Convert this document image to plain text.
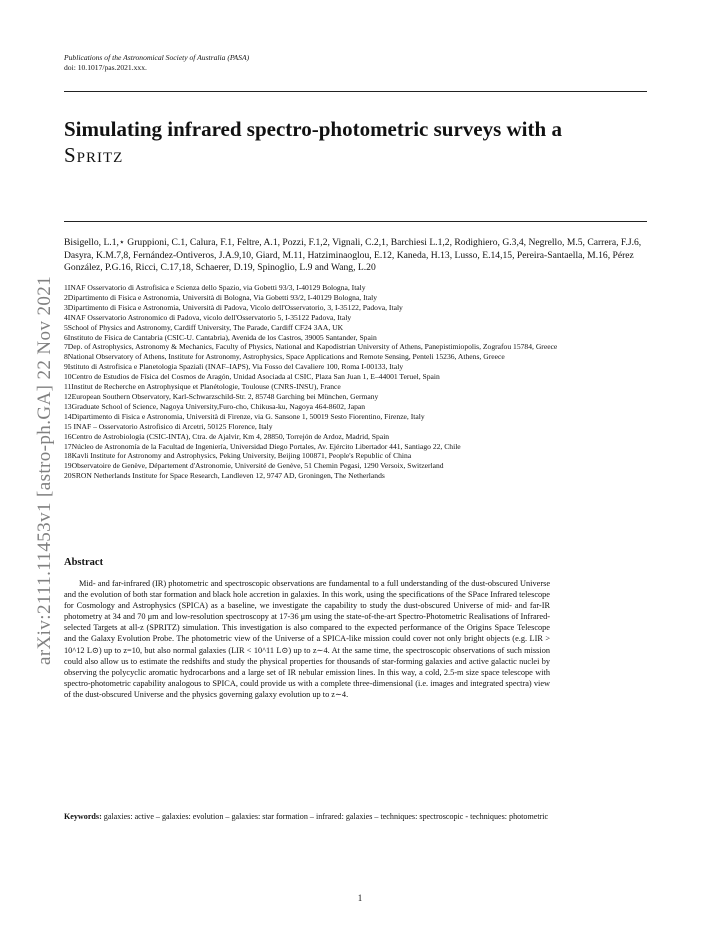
Publications of the Astronomical Society of Australia (PASA)
doi: 10.1017/pas.2021.xxx.
Simulating infrared spectro-photometric surveys with a
Spritz
arXiv:2111.11453v1 [astro-ph.GA] 22 Nov 2021
Bisigello, L.1,⋆ Gruppioni, C.1, Calura, F.1, Feltre, A.1, Pozzi, F.1,2, Vignali, C.2,1, Barchiesi L.1,2, Rodighiero, G.3,4, Negrello, M.5, Carrera, F.J.6, Dasyra, K.M.7,8, Fernández-Ontiveros, J.A.9,10, Giard, M.11, Hatziminaoglou, E.12, Kaneda, H.13, Lusso, E.14,15, Pereira-Santaella, M.16, Pérez González, P.G.16, Ricci, C.17,18, Schaerer, D.19, Spinoglio, L.9 and Wang, L.20
1INAF Osservatorio di Astrofisica e Scienza dello Spazio, via Gobetti 93/3, I-40129 Bologna, Italy
2Dipartimento di Fisica e Astronomia, Università di Bologna, Via Gobetti 93/2, I-40129 Bologna, Italy
3Dipartimento di Fisica e Astronomia, Università di Padova, Vicolo dell'Osservatorio, 3, I-35122, Padova, Italy
4INAF Osservatorio Astronomico di Padova, vicolo dell'Osservatorio 5, I-35122 Padova, Italy
5School of Physics and Astronomy, Cardiff University, The Parade, Cardiff CF24 3AA, UK
6Instituto de Física de Cantabria (CSIC-U. Cantabria), Avenida de los Castros, 39005 Santander, Spain
7Dep. of Astrophysics, Astronomy & Mechanics, Faculty of Physics, National and Kapodistrian University of Athens, Panepistimiopolis, Zografou 15784, Greece
8National Observatory of Athens, Institute for Astronomy, Astrophysics, Space Applications and Remote Sensing, Penteli 15236, Athens, Greece
9Istituto di Astrofisica e Planetologia Spaziali (INAF–IAPS), Via Fosso del Cavaliere 100, Roma I-00133, Italy
10Centro de Estudios de Física del Cosmos de Aragón, Unidad Asociada al CSIC, Plaza San Juan 1, E–44001 Teruel, Spain
11Institut de Recherche en Astrophysique et Planétologie, Toulouse (CNRS-INSU), France
12European Southern Observatory, Karl-Schwarzschild-Str. 2, 85748 Garching bei München, Germany
13Graduate School of Science, Nagoya University,Furo-cho, Chikusa-ku, Nagoya 464-8602, Japan
14Dipartimento di Fisica e Astronomia, Università di Firenze, via G. Sansone 1, 50019 Sesto Fiorentino, Firenze, Italy
15 INAF – Osservatorio Astrofisico di Arcetri, 50125 Florence, Italy
16Centro de Astrobiología (CSIC-INTA), Ctra. de Ajalvir, Km 4, 28850, Torrejón de Ardoz, Madrid, Spain
17Núcleo de Astronomía de la Facultad de Ingeniería, Universidad Diego Portales, Av. Ejército Libertador 441, Santiago 22, Chile
18Kavli Institute for Astronomy and Astrophysics, Peking University, Beijing 100871, People's Republic of China
19Observatoire de Genève, Département d'Astronomie, Université de Genève, 51 Chemin Pegasi, 1290 Versoix, Switzerland
20SRON Netherlands Institute for Space Research, Landleven 12, 9747 AD, Groningen, The Netherlands
Abstract

Mid- and far-infrared (IR) photometric and spectroscopic observations are fundamental to a full understanding of the dust-obscured Universe and the evolution of both star formation and black hole accretion in galaxies. In this work, using the specifications of the SPace Infrared telescope for Cosmology and Astrophysics (SPICA) as a baseline, we investigate the capability to study the dust-obscured Universe of mid- and far-IR photometry at 34 and 70 μm and low-resolution spectroscopy at 17-36 μm using the state-of-the-art Spectro-Photometric Realisations of Infrared-selected Targets at all-z (SPRITZ) simulation. This investigation is also compared to the expected performance of the Origins Space Telescope and the Galaxy Evolution Probe. The photometric view of the Universe of a SPICA-like mission could cover not only bright objects (e.g. LIR > 10^12 L⊙) up to z=10, but also normal galaxies (LIR < 10^11 L⊙) up to z∼4. At the same time, the spectroscopic observations of such mission could also allow us to estimate the redshifts and study the physical properties for thousands of star-forming galaxies and active galactic nuclei by observing the polycyclic aromatic hydrocarbons and a large set of IR nebular emission lines. In this way, a cold, 2.5-m size space telescope with spectro-photometric capability analogous to SPICA, could provide us with a complete three-dimensional (i.e. images and integrated spectra) view of the dust-obscured Universe and the physics governing galaxy evolution up to z∼4.

Keywords: galaxies: active – galaxies: evolution – galaxies: star formation – infrared: galaxies – techniques: spectroscopic - techniques: photometric
1
